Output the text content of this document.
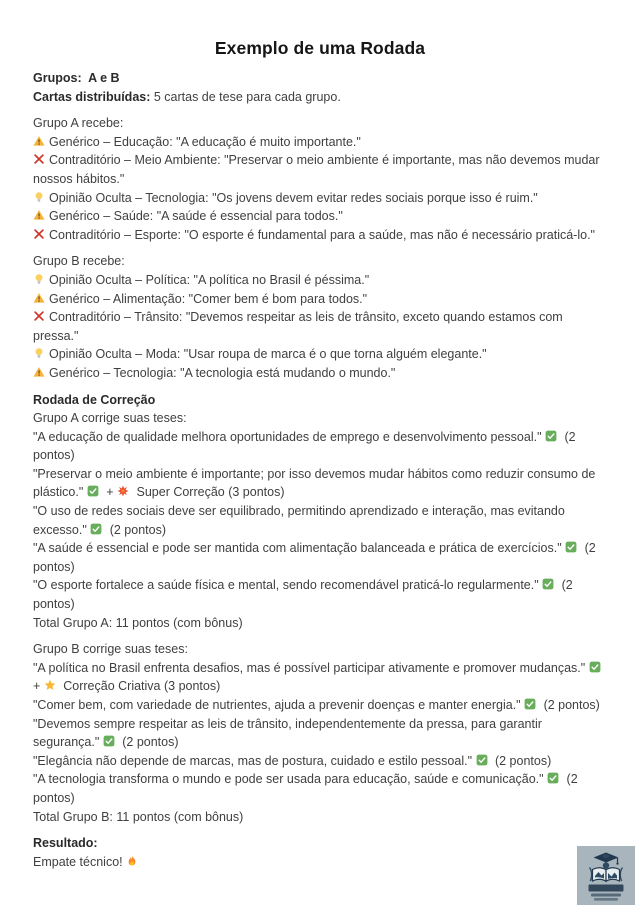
Exemplo de uma Rodada

Grupos:  A e B

Cartas distribuídas: 5 cartas de tese para cada grupo.

Grupo A recebe:

Genérico – Educação: "A educação é muito importante."

Contraditório – Meio Ambiente: "Preservar o meio ambiente é importante, mas não devemos mudar nossos hábitos."

Opinião Oculta – Tecnologia: "Os jovens devem evitar redes sociais porque isso é ruim."

Genérico – Saúde: "A saúde é essencial para todos."

Contraditório – Esporte: "O esporte é fundamental para a saúde, mas não é necessário praticá-lo."

Grupo B recebe:

Opinião Oculta – Política: "A política no Brasil é péssima."

Genérico – Alimentação: "Comer bem é bom para todos."

Contraditório – Trânsito: "Devemos respeitar as leis de trânsito, exceto quando estamos com pressa."

Opinião Oculta – Moda: "Usar roupa de marca é o que torna alguém elegante."

Genérico – Tecnologia: "A tecnologia está mudando o mundo."

Rodada de Correção

Grupo A corrige suas teses:

"A educação de qualidade melhora oportunidades de emprego e desenvolvimento pessoal."
(2 pontos)

"Preservar o meio ambiente é importante; por isso devemos mudar hábitos como reduzir consumo de plástico."
+
Super Correção (3 pontos)

"O uso de redes sociais deve ser equilibrado, permitindo aprendizado e interação, mas evitando excesso."
(2 pontos)

"A saúde é essencial e pode ser mantida com alimentação balanceada e prática de exercícios."
(2 pontos)

"O esporte fortalece a saúde física e mental, sendo recomendável praticá-lo regularmente."
(2 pontos)

Total Grupo A: 11 pontos (com bônus)

Grupo B corrige suas teses:

"A política no Brasil enfrenta desafios, mas é possível participar ativamente e promover mudanças."
+
Correção Criativa (3 pontos)

"Comer bem, com variedade de nutrientes, ajuda a prevenir doenças e manter energia."
(2 pontos)

"Devemos sempre respeitar as leis de trânsito, independentemente da pressa, para garantir segurança."
(2 pontos)

"Elegância não depende de marcas, mas de postura, cuidado e estilo pessoal."
(2 pontos)

"A tecnologia transforma o mundo e pode ser usada para educação, saúde e comunicação."
(2 pontos)

Total Grupo B: 11 pontos (com bônus)

Resultado:

Empate técnico!
